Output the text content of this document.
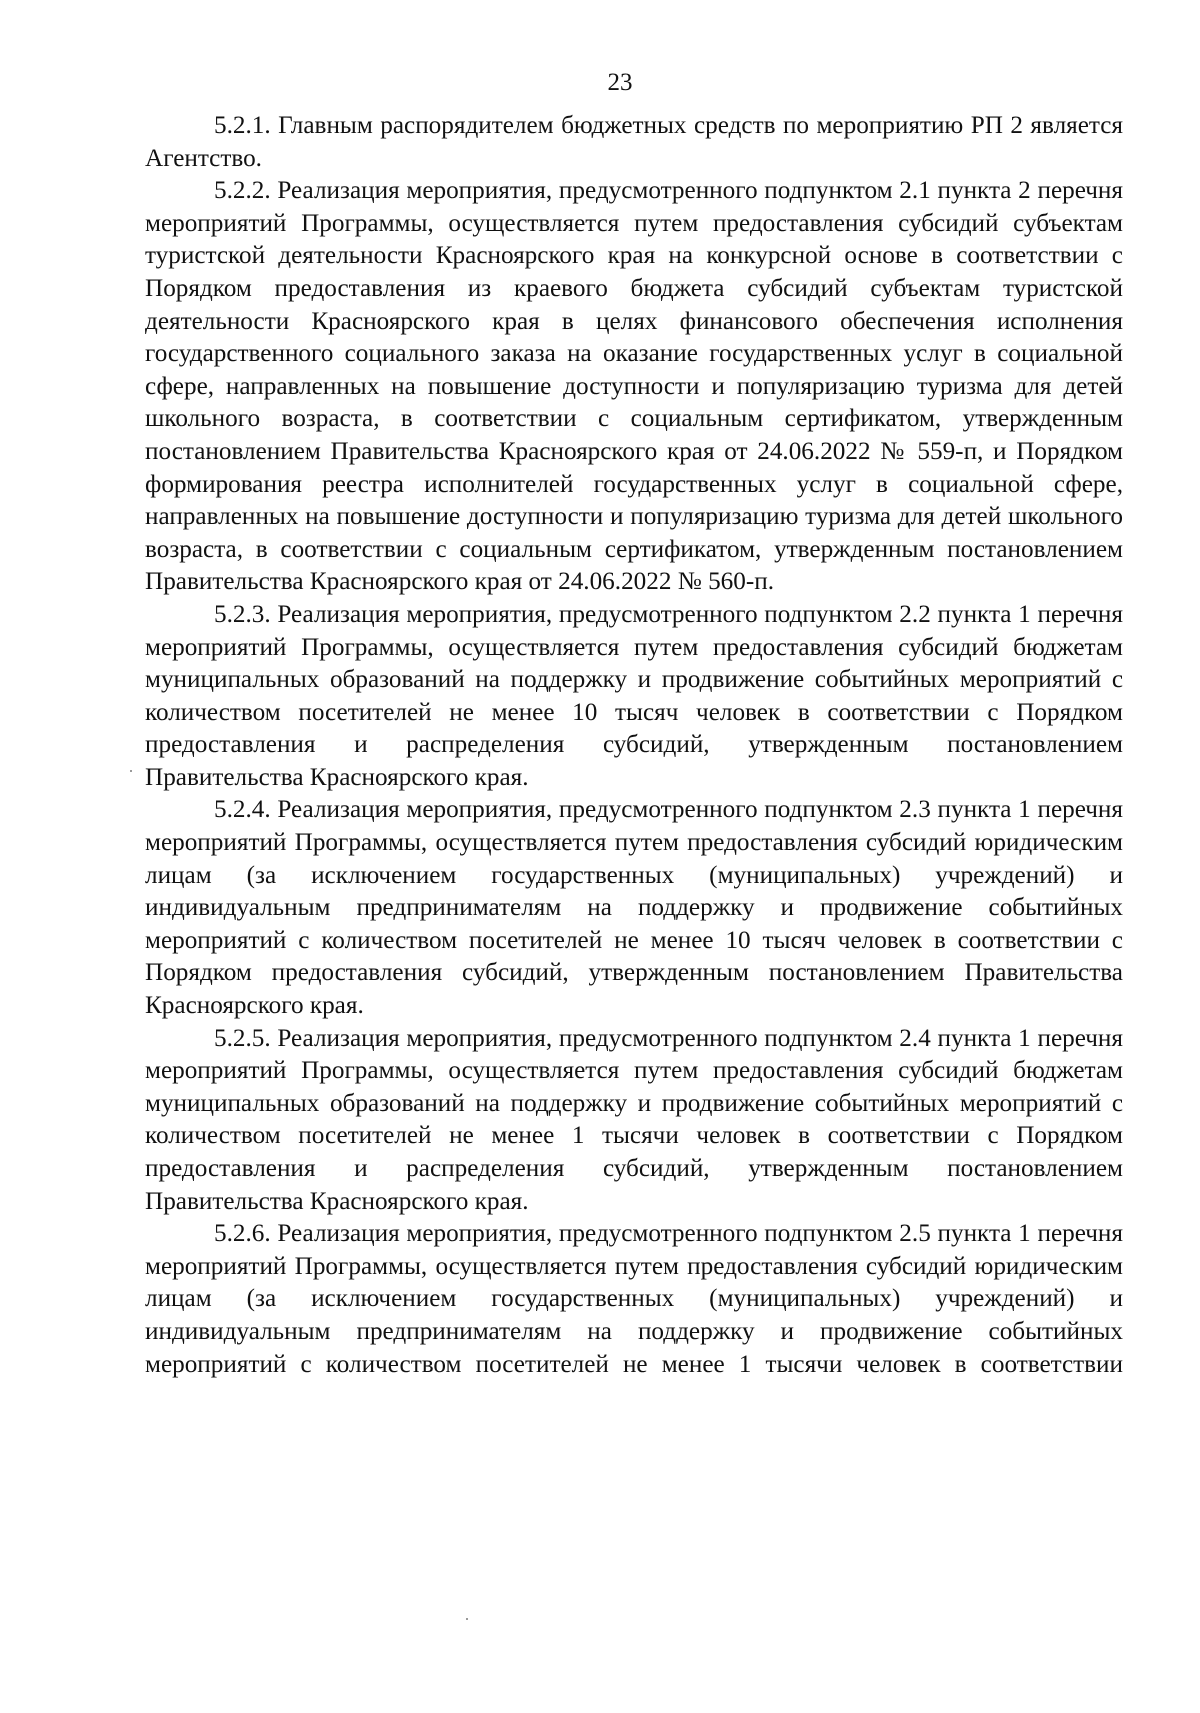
23

5.2.1. Главным распорядителем бюджетных средств по мероприятию РП 2 является Агентство.

5.2.2. Реализация мероприятия, предусмотренного подпунктом 2.1 пункта 2 перечня мероприятий Программы, осуществляется путем предоставления субсидий субъектам туристской деятельности Красноярского края на конкурсной основе в соответствии с Порядком предоставления из краевого бюджета субсидий субъектам туристской деятельности Красноярского края в целях финансового обеспечения исполнения государственного социального заказа на оказание государственных услуг в социальной сфере, направленных на повышение доступности и популяризацию туризма для детей школьного возраста, в соответствии с социальным сертификатом, утвержденным постановлением Правительства Красноярского края от 24.06.2022 № 559-п, и Порядком формирования реестра исполнителей государственных услуг в социальной сфере, направленных на повышение доступности и популяризацию туризма для детей школьного возраста, в соответствии с социальным сертификатом, утвержденным постановлением Правительства Красноярского края от 24.06.2022 № 560-п.

5.2.3. Реализация мероприятия, предусмотренного подпунктом 2.2 пункта 1 перечня мероприятий Программы, осуществляется путем предоставления субсидий бюджетам муниципальных образований на поддержку и продвижение событийных мероприятий с количеством посетителей не менее 10 тысяч человек в соответствии с Порядком предоставления и распределения субсидий, утвержденным постановлением Правительства Красноярского края.

5.2.4. Реализация мероприятия, предусмотренного подпунктом 2.3 пункта 1 перечня мероприятий Программы, осуществляется путем предоставления субсидий юридическим лицам (за исключением государственных (муниципальных) учреждений) и индивидуальным предпринимателям на поддержку и продвижение событийных мероприятий с количеством посетителей не менее 10 тысяч человек в соответствии с Порядком предоставления субсидий, утвержденным постановлением Правительства Красноярского края.

5.2.5. Реализация мероприятия, предусмотренного подпунктом 2.4 пункта 1 перечня мероприятий Программы, осуществляется путем предоставления субсидий бюджетам муниципальных образований на поддержку и продвижение событийных мероприятий с количеством посетителей не менее 1 тысячи человек в соответствии с Порядком предоставления и распределения субсидий, утвержденным постановлением Правительства Красноярского края.

5.2.6. Реализация мероприятия, предусмотренного подпунктом 2.5 пункта 1 перечня мероприятий Программы, осуществляется путем предоставления субсидий юридическим лицам (за исключением государственных (муниципальных) учреждений) и индивидуальным предпринимателям на поддержку и продвижение событийных мероприятий с количеством посетителей не менее 1 тысячи человек в соответствии
